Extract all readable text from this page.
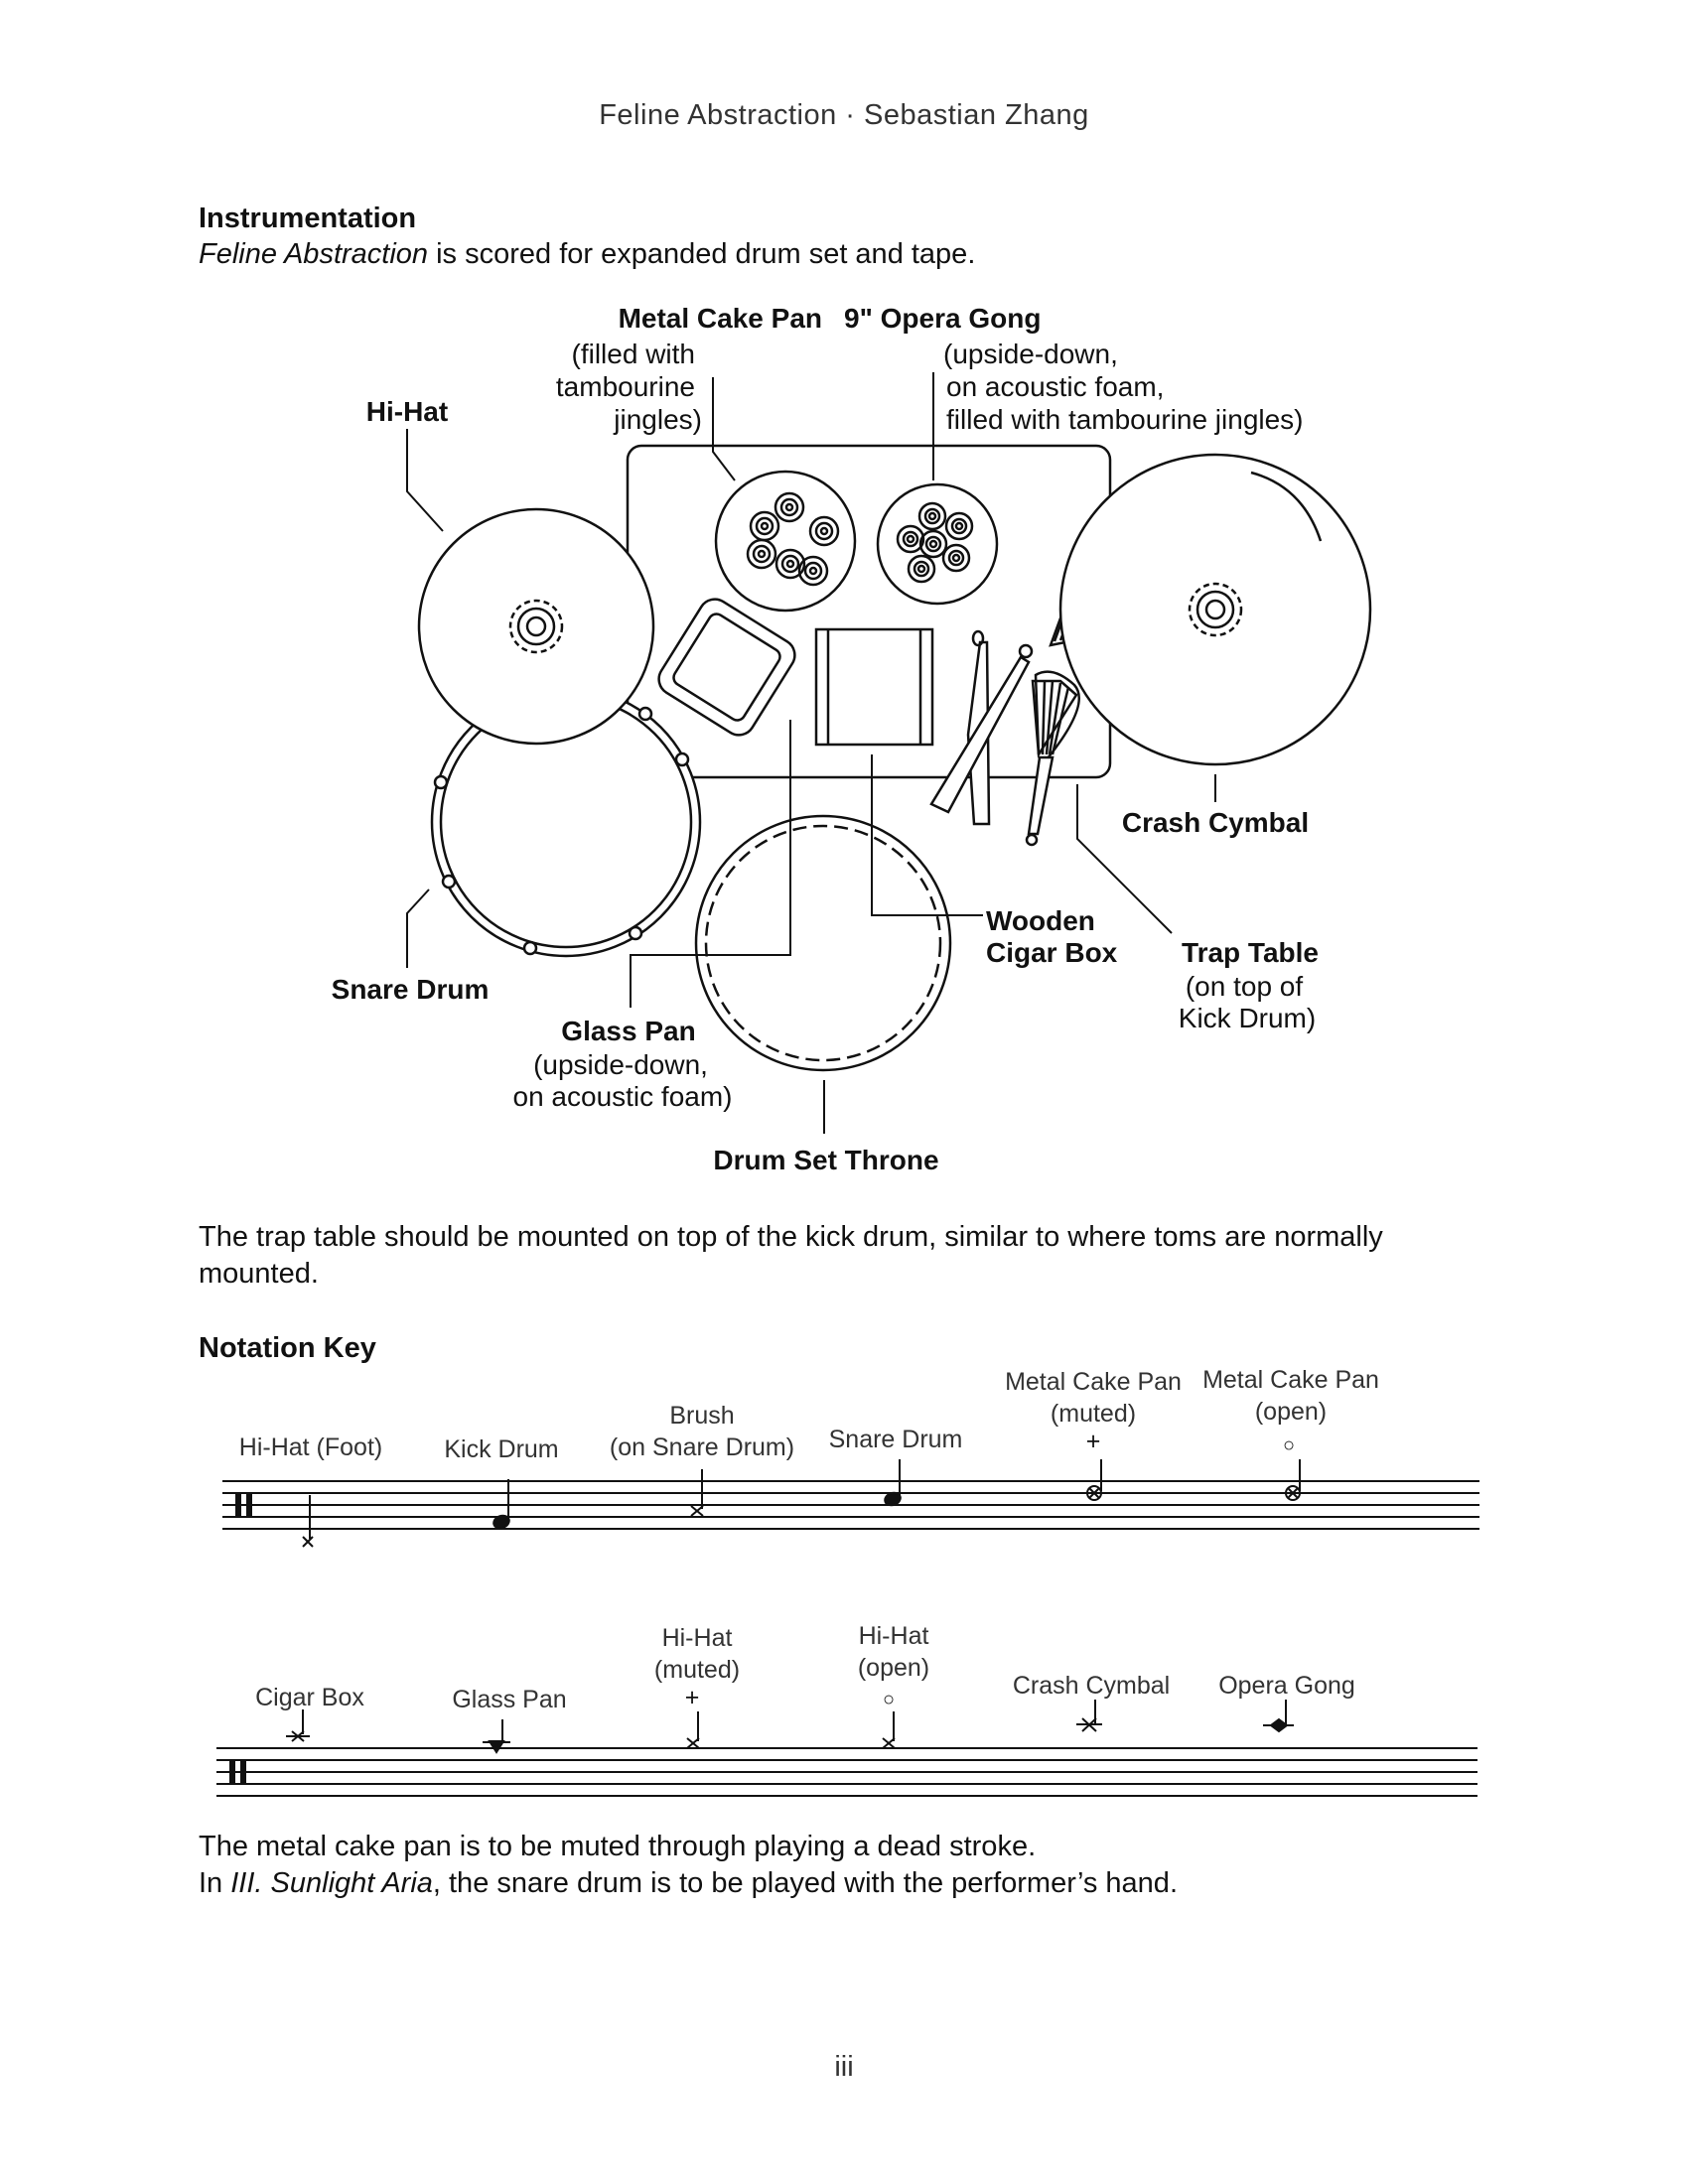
Feline Abstraction · Sebastian Zhang
Instrumentation
Feline Abstraction is scored for expanded drum set and tape.
Metal Cake Pan
(filled with
tambourine
jingles)
9" Opera Gong
(upside-down,
on acoustic foam,
filled with tambourine jingles)
Hi-Hat
Crash Cymbal
Wooden
Cigar Box Trap Table
(on top of
Kick Drum)
Snare Drum
Glass Pan
(upside-down,
on acoustic foam)
Drum Set Throne
The trap table should be mounted on top of the kick drum, similar to where toms are normally mounted.
Notation Key
Hi-Hat (Foot) Kick Drum
Brush
(on Snare Drum) Snare Drum
Metal Cake Pan
(muted)
Metal Cake Pan
(open)
+	○
Cigar Box	Glass Pan
Hi-Hat
(muted)
+
Hi-Hat
(open)
○	Crash Cymbal Opera Gong
The metal cake pan is to be muted through playing a dead stroke.
In III. Sunlight Aria, the snare drum is to be played with the performer’s hand.
iii
